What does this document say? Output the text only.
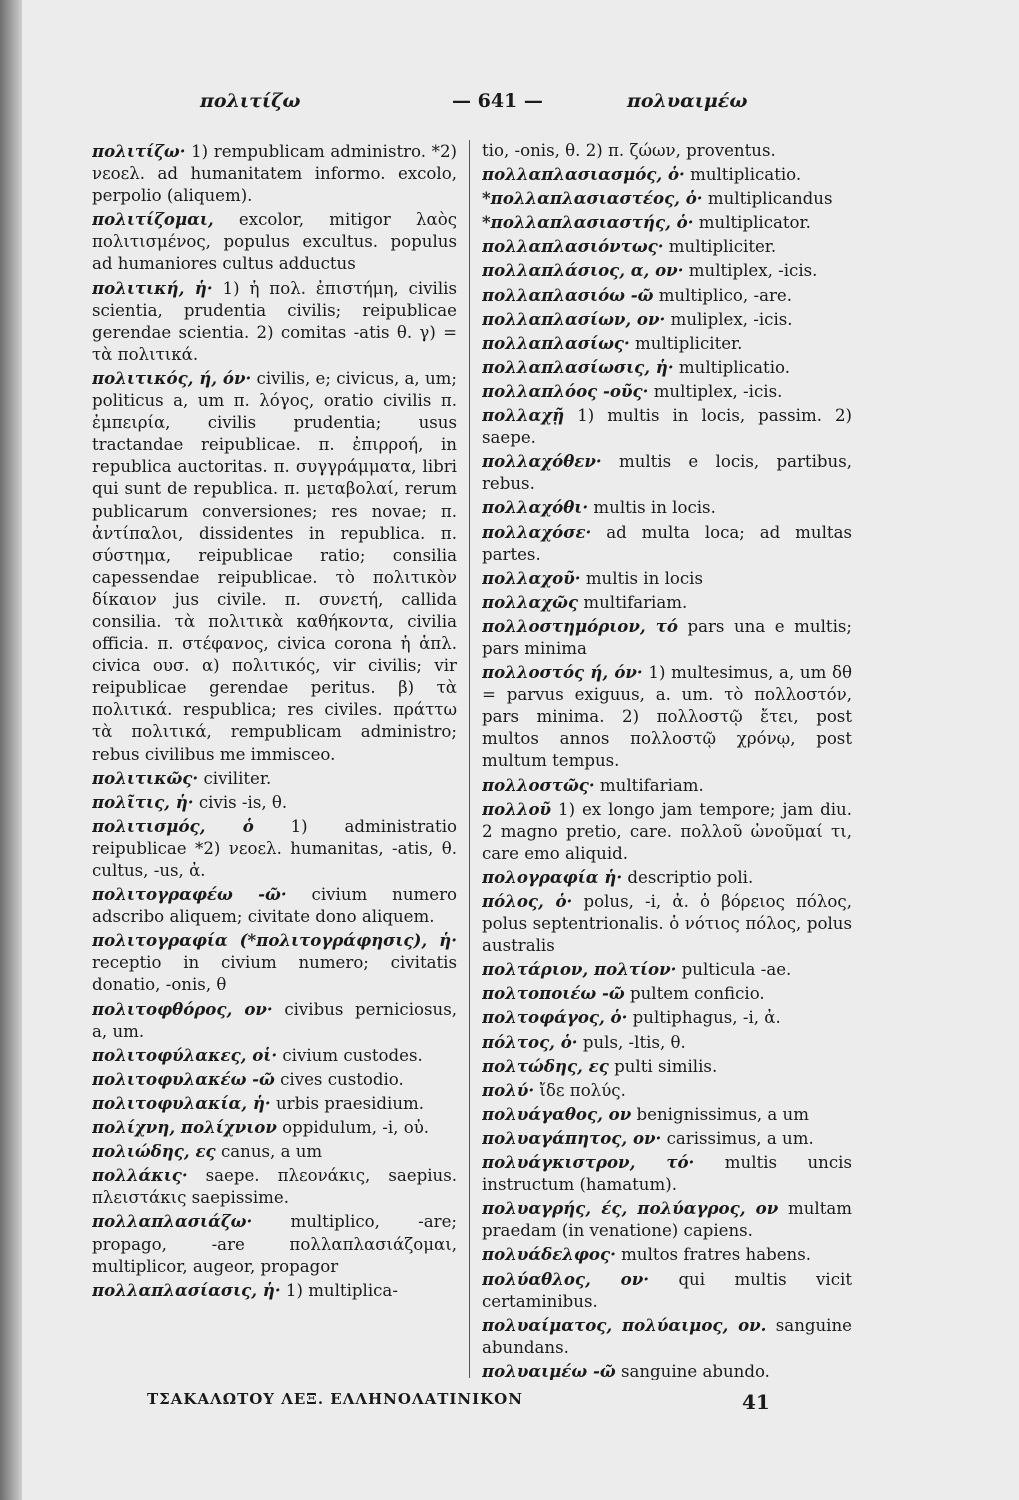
πολιτίζω	— 641 —	πολυαιμέω
πολιτίζω· 1) rempublicam administro. *2) νεοελ. ad humanitatem informo. excolo, perpolio (aliquem).
πολιτίζομαι, excolor, mitigor λαὸς πολιτισμένος, populus excultus. populus ad humaniores cultus adductus
πολιτική, ἡ· 1) ἡ πολ. ἐπιστήμη, civilis scientia, prudentia civilis; reipublicae gerendae scientia. 2) comitas -atis θ. γ) = τὰ πολιτικά.
πολιτικός, ή, όν· civilis, e; civicus, a, um; politicus a, um π. λόγος, oratio civilis π. ἐμπειρία, civilis prudentia; usus tractandae reipublicae. π. ἐπιρροή, in republica auctoritas. π. συγγράμματα, libri qui sunt de republica. π. μεταβολαί, rerum publicarum conversiones; res novae; π. ἀντίπαλοι, dissidentes in republica. π. σύστημα, reipublicae ratio; consilia capessendae reipublicae. τὸ πολιτικὸν δίκαιον jus civile. π. συνετή, callida consilia. τὰ πολιτικὰ καθήκοντα, civilia officia. π. στέφανος, civica corona ἡ ἁπλ. civica ουσ. α) πολιτικός, vir civilis; vir reipublicae gerendae peritus. β) τὰ πολιτικά. respublica; res civiles. πράττω τὰ πολιτικά, rempublicam administro; rebus civilibus me immisceo.
πολιτικῶς· civiliter.
πολῖτις, ἡ· civis -is, θ.
πολιτισμός, ὁ 1) administratio reipublicae *2) νεοελ. humanitas, -atis, θ. cultus, -us, ἀ.
πολιτογραφέω -ῶ· civium numero adscribo aliquem; civitate dono aliquem.
πολιτογραφία (*πολιτογράφησις), ἡ· receptio in civium numero; civitatis donatio, -onis, θ
πολιτοφθόρος, ον· civibus perniciosus, a, um.
πολιτοφύλακες, οἱ· civium custodes.
πολιτοφυλακέω -ῶ cives custodio.
πολιτοφυλακία, ἡ· urbis praesidium.
πολίχνη, πολίχνιον oppidulum, -i, οὐ.
πολιώδης, ες canus, a um
πολλάκις· saepe. πλεονάκις, saepius. πλειστάκις saepissime.
πολλαπλασιάζω· multiplico, -are; propago, -are πολλαπλασιάζομαι, multiplicor, augeor, propagor
πολλαπλασίασις, ἡ· 1) multiplica-
tio, -onis, θ. 2) π. ζώων, proventus.
πολλαπλασιασμός, ὁ· multiplicatio.
*πολλαπλασιαστέος, ὁ· multiplicandus
*πολλαπλασιαστής, ὁ· multiplicator.
πολλαπλασιόντως· multipliciter.
πολλαπλάσιος, α, ον· multiplex, -icis.
πολλαπλασιόω -ῶ multiplico, -are.
πολλαπλασίων, ον· muliplex, -icis.
πολλαπλασίως· multipliciter.
πολλαπλασίωσις, ἡ· multiplicatio.
πολλαπλόος -οῦς· multiplex, -icis.
πολλαχῇ 1) multis in locis, passim. 2) saepe.
πολλαχόθεν· multis e locis, partibus, rebus.
πολλαχόθι· multis in locis.
πολλαχόσε· ad multa loca; ad multas partes.
πολλαχοῦ· multis in locis
πολλαχῶς multifariam.
πολλοστημόριον, τό pars una e multis; pars minima
πολλοστός ή, όν· 1) multesimus, a, um δθ = parvus exiguus, a. um. τὸ πολλοστόν, pars minima. 2) πολλοστῷ ἔτει, post multos annos πολλοστῷ χρόνῳ, post multum tempus.
πολλοστῶς· multifariam.
πολλοῦ 1) ex longo jam tempore; jam diu. 2 magno pretio, care. πολλοῦ ὠνοῦμαί τι, care emo aliquid.
πολογραφία ἡ· descriptio poli.
πόλος, ὁ· polus, -i, ἀ. ὁ βόρειος πόλος, polus septentrionalis. ὁ νότιος πόλος, polus australis
πολτάριον, πολτίον· pulticula -ae.
πολτοποιέω -ῶ pultem conficio.
πολτοφάγος, ὁ· pultiphagus, -i, ἀ.
πόλτος, ὁ· puls, -ltis, θ.
πολτώδης, ες pulti similis.
πολύ· ἴδε πολύς.
πολυάγαθος, ον benignissimus, a um
πολυαγάπητος, ον· carissimus, a um.
πολυάγκιστρον, τό· multis uncis instructum (hamatum).
πολυαγρής, ές, πολύαγρος, ον multam praedam (in venatione) capiens.
πολυάδελφος· multos fratres habens.
πολύαθλος, ον· qui multis vicit certaminibus.
πολυαίματος, πολύαιμος, ον. sanguine abundans.
πολυαιμέω -ῶ sanguine abundo.
ΤΣΑΚΑΛΩΤΟΥ ΛΕΞ. ΕΛΛΗΝΟΛΑΤΙΝΙΚΟΝ	41
